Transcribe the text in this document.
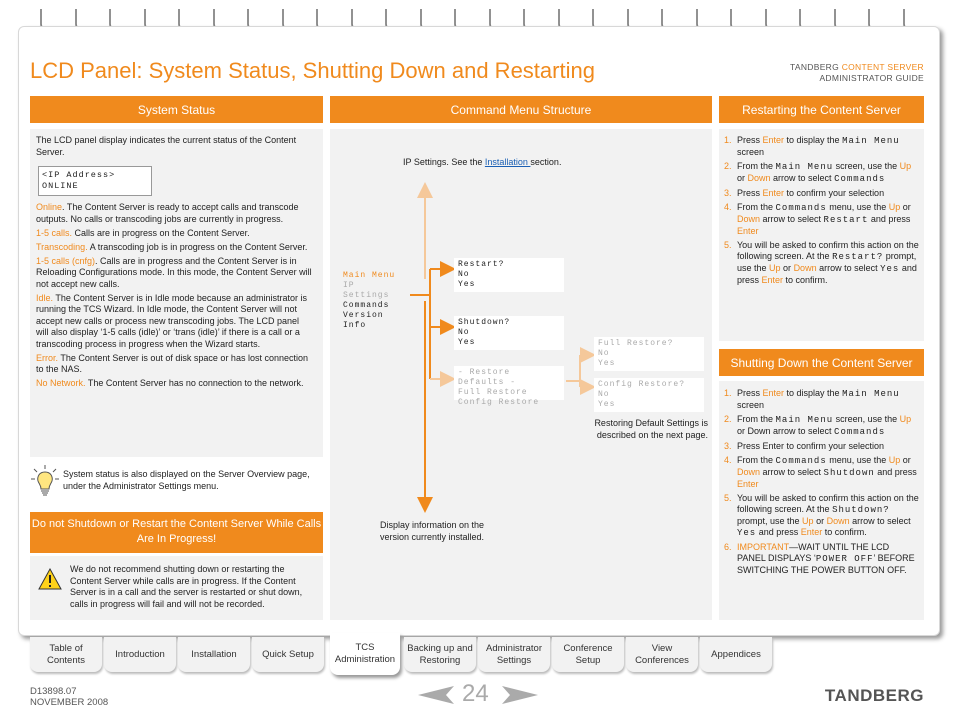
LCD Panel: System Status, Shutting Down and Restarting	TANDBERG CONTENT SERVER
ADMINISTRATOR GUIDE
System Status	Command Menu Structure	Restarting the Content Server

The LCD panel display indicates the current status of the Content Server.

<IP Address>
ONLINE

Online. The Content Server is ready to accept calls and transcode outputs. No calls or transcoding jobs are currently in progress.

1-5 calls. Calls are in progress on the Content Server.

Transcoding. A transcoding job is in progress on the Content Server.

1-5 calls (cnfg). Calls are in progress and the Content Server is in Reloading Configurations mode. In this mode, the Content Server will not accept new calls.

Idle. The Content Server is in Idle mode because an administrator is running the TCS Wizard. In Idle mode, the Content Server will not accept new calls or process new transcoding jobs. The LCD panel will also display ‘1-5 calls (idle)’ or ‘trans (idle)’ if there is a call or a transcoding process in progress when the Wizard starts.

Error. The Content Server is out of disk space or has lost connection to the NAS.

No Network. The Content Server has no connection to the network.

System status is also displayed on the Server Overview page, under the Administrator Settings menu.
Do not Shutdown or Restart the Content Server While Calls Are In Progress!
We do not recommend shutting down or restarting the Content Server while calls are in progress. If the Content Server is in a call and the server is restarted or shut down, calls in progress will fail and will not be recorded.
IP Settings. See the Installation section.
Main Menu
IP Settings
Commands
Version Info
Restart?
No
Yes
Shutdown?
No
Yes
- Restore Defaults -
Full Restore
Config Restore
Full Restore?
No
Yes
Config Restore?
No
Yes
Restoring Default Settings is described on the next page.
Display information on the version currently installed.
1. Press Enter to display the Main Menu screen
2. From the Main Menu screen, use the Up or Down arrow to select Commands
3. Press Enter to confirm your selection
4. From the Commands menu, use the Up or Down arrow to select Restart and press Enter
5. You will be asked to confirm this action on the following screen. At the Restart? prompt, use the Up or Down arrow to select Yes and press Enter to confirm.
Shutting Down the Content Server
1. Press Enter to display the Main Menu screen
2. From the Main Menu screen, use the Up or Down arrow to select Commands
3. Press Enter to confirm your selection
4. From the Commands menu, use the Up or Down arrow to select Shutdown and press Enter
5. You will be asked to confirm this action on the following screen. At the Shutdown? prompt, use the Up or Down arrow to select Yes and press Enter to confirm.
6. IMPORTANT—WAIT UNTIL THE LCD PANEL DISPLAYS ‘POWER OFF’ BEFORE SWITCHING THE POWER BUTTON OFF.
Table of Contents
Introduction	Installation	Quick Setup
TCS Administration
Backing up and Restoring
Administrator Settings
Conference Setup
View Conferences
Appendices
D13898.07
NOVEMBER 2008	24	TANDBERG
